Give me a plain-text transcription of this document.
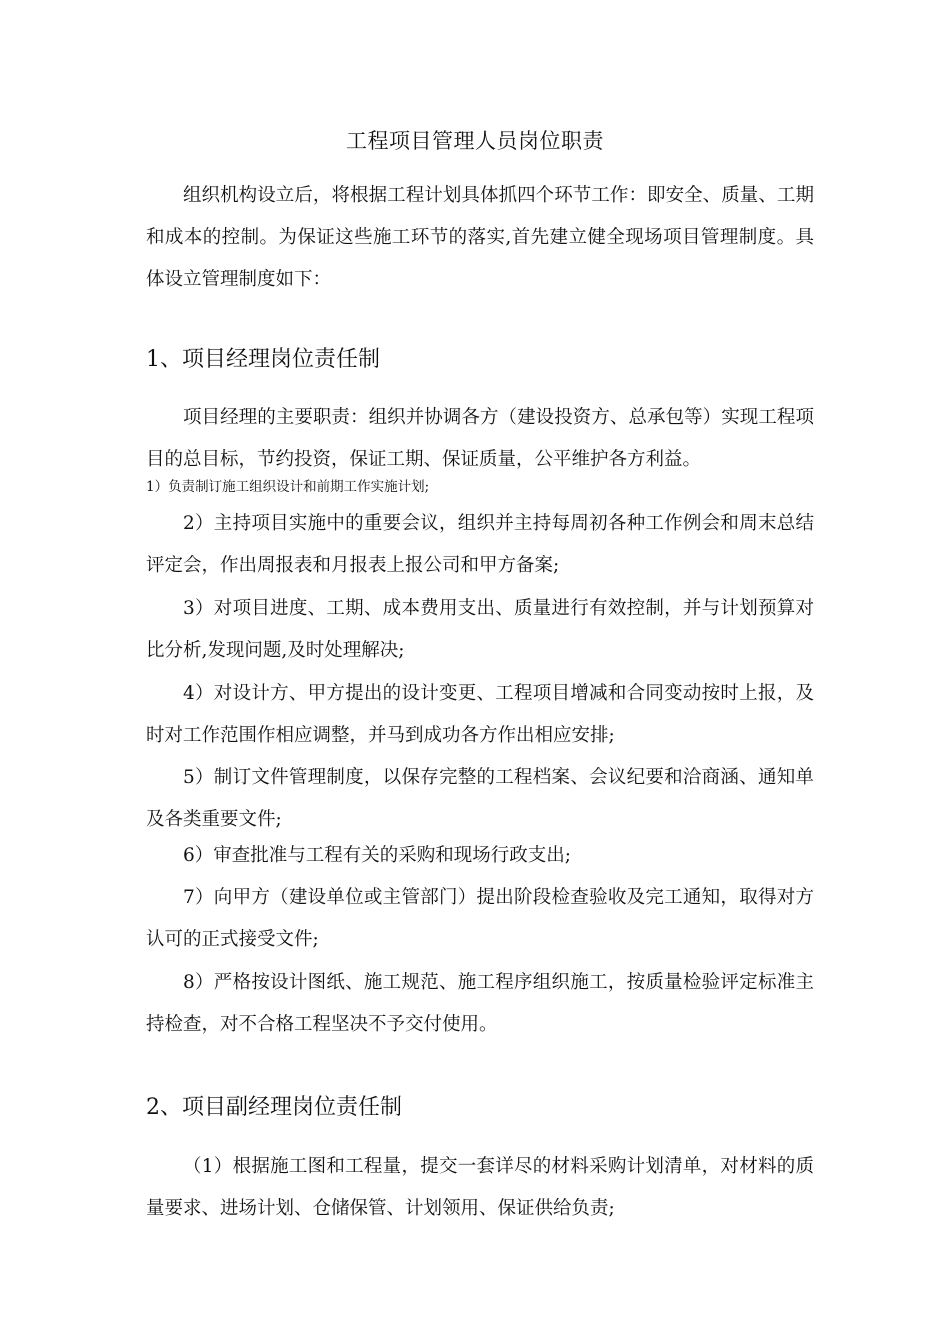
工程项目管理人员岗位职责

组织机构设立后，将根据工程计划具体抓四个环节工作：即安全、质量、工期和成本的控制。为保证这些施工环节的落实,首先建立健全现场项目管理制度。具体设立管理制度如下：

1、项目经理岗位责任制

项目经理的主要职责：组织并协调各方（建设投资方、总承包等）实现工程项目的总目标，节约投资，保证工期、保证质量，公平维护各方利益。

1）负责制订施工组织设计和前期工作实施计划;

2）主持项目实施中的重要会议，组织并主持每周初各种工作例会和周末总结评定会，作出周报表和月报表上报公司和甲方备案;

3）对项目进度、工期、成本费用支出、质量进行有效控制，并与计划预算对比分析,发现问题,及时处理解决;

4）对设计方、甲方提出的设计变更、工程项目增减和合同变动按时上报，及时对工作范围作相应调整，并马到成功各方作出相应安排;

5）制订文件管理制度，以保存完整的工程档案、会议纪要和洽商涵、通知单及各类重要文件;

6）审查批准与工程有关的采购和现场行政支出;

7）向甲方（建设单位或主管部门）提出阶段检查验收及完工通知，取得对方认可的正式接受文件;

8）严格按设计图纸、施工规范、施工程序组织施工，按质量检验评定标准主持检查，对不合格工程坚决不予交付使用。

2、项目副经理岗位责任制

（1）根据施工图和工程量，提交一套详尽的材料采购计划清单，对材料的质量要求、进场计划、仓储保管、计划领用、保证供给负责;
